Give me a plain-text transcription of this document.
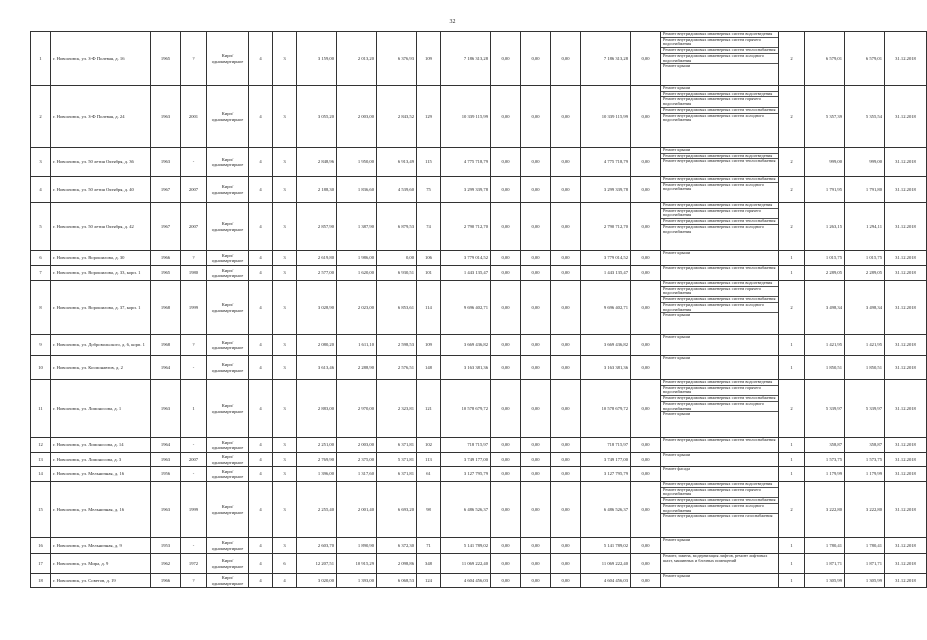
32
1	г. Новоазовск, ул. З-Ф Полевая, д. 16	1965	?	Кирп/ одноквартирное	4	3	3 159,00	2 013,20	6 376,93	109	7 186 313,28	0,00	0,00	0,00	7 186 313,28	0,00	Ремонт внутридомовых инженерных систем водоотведения
Ремонт внутридомовых инженерных систем горячего водоснабжения
Ремонт внутридомовых инженерных систем теплоснабжения
Ремонт внутридомовых инженерных систем холодного водоснабжения
Ремонт крыши	2	6 579,01	6 579,01	31.12.2018
2	г. Новоазовск, ул. З-Ф Полевая, д. 24	1963	2001	Кирп/ одноквартирное	4	3	3 055,20	2 003,00	2 843,52	129	10 339 115,99	0,00	0,00	0,00	10 339 115,99	0,00	Ремонт крыши
Ремонт внутридомовых инженерных систем водоотведения
Ремонт внутридомовых инженерных систем горячего водоснабжения
Ремонт внутридомовых инженерных систем теплоснабжения
Ремонт внутридомовых инженерных систем холодного водоснабжения	2	5 357,39	5 355,54	31.12.2018
3	г. Новоазовск, ул. 50 летия Октября, д. 36	1963	-	Кирп/ одноквартирное	4	3	2 848,96	1 950,00	6 913,49	115	4 775 718,79	0,00	0,00	0,00	4 775 718,79	0,00	Ремонт крыши
Ремонт внутридомовых инженерных систем водоотведения
Ремонт внутридомовых инженерных систем теплоснабжения	2	999,00	999,00	31.12.2018
4	г. Новоазовск, ул. 50 летия Октября, д. 40	1967	2007	Кирп/ одноквартирное	4	3	2 188,30	1 836,60	4 539,60	75	3 299 339,78	0,00	0,00	0,00	3 299 339,78	0,00	Ремонт внутридомовых инженерных систем теплоснабжения
Ремонт внутридомовых инженерных систем холодного водоснабжения	2	1 791,95	1 791,80	31.12.2018
5	г. Новоазовск, ул. 50 летия Октября, д. 42	1967	2007	Кирп/ одноквартирное	4	3	2 857,90	1 387,90	6 879,53	74	2 790 712,70	0,00	0,00	0,00	2 790 712,70	0,00	Ремонт внутридомовых инженерных систем водоотведения
Ремонт внутридомовых инженерных систем горячего водоснабжения
Ремонт внутридомовых инженерных систем теплоснабжения
Ремонт внутридомовых инженерных систем холодного водоснабжения	2	1 263,15	1 294,11	31.12.2018
6	г. Новоазовск, ул. Ворошилова, д. 30	1966	?	Кирп/ одноквартирное	4	3	2 619,80	1 986,00	0,00	106	3 779 014,52	0,00	0,00	0,00	3 779 014,52	0,00	Ремонт крыши	1	1 015,75	1 015,75	31.12.2018
7	г. Новоазовск, ул. Ворошилова, д. 33, корп. 1	1965	1980	Кирп/ одноквартирное	4	3	2 577,00	1 620,00	6 930,51	101	1 443 135,47	0,00	0,00	0,00	1 443 135,47	0,00	Ремонт внутридомовых инженерных систем теплоснабжения	1	2 289,05	2 289,05	31.12.2018
8	г. Новоазовск, ул. Ворошилова, д. 37, корп. 1	1968	1999	Кирп/ одноквартирное	4	3	3 028,90	2 023,00	6 853,61	114	9 696 402,71	0,00	0,00	0,00	9 696 402,71	0,00	Ремонт внутридомовых инженерных систем водоотведения
Ремонт внутридомовых инженерных систем горячего водоснабжения
Ремонт внутридомовых инженерных систем теплоснабжения
Ремонт внутридомовых инженерных систем холодного водоснабжения
Ремонт крыши	2	3 498,34	3 498,34	31.12.2018
9	г. Новоазовск, ул. Добровольского, д. 6, корп. 1	1968	?	Кирп/ одноквартирное	4	3	2 080,20	1 611,10	2 598,53	109	3 669 436,82	0,00	0,00	0,00	3 669 436,82	0,00	Ремонт крыши	1	1 421,95	1 421,95	31.12.2018
10	г. Новоазовск, ул. Космонавтов, д. 2	1964	-	Кирп/ одноквартирное	4	3	3 613,46	2 288,90	2 576,51	148	3 163 381,36	0,00	0,00	0,00	3 163 381,36	0,00	Ремонт крыши	1	1 850,51	1 850,51	31.12.2018
11	г. Новоазовск, ул. Ломоносова, д. 1	1963	1	Кирп/ одноквартирное	4	3	2 883,00	2 970,00	2 323,81	121	10 578 679,72	0,00	0,00	0,00	10 578 679,72	0,00	Ремонт внутридомовых инженерных систем водоотведения
Ремонт внутридомовых инженерных систем горячего водоснабжения
Ремонт внутридомовых инженерных систем теплоснабжения
Ремонт внутридомовых инженерных систем холодного водоснабжения
Ремонт крыши	2	5 339,97	5 339,97	31.12.2018
12	г. Новоазовск, ул. Ломоносова, д. 14	1964	-	Кирп/ одноквартирное	4	3	2 251,00	2 003,00	6 371,81	102	718 715,97	0,00	0,00	0,00	718 715,97	0,00	Ремонт внутридомовых инженерных систем теплоснабжения	1	358,87	358,87	31.12.2018
13	г. Новоазовск, ул. Ломоносова, д. 3	1963	2007	Кирп/ одноквартирное	4	3	2 769,90	2 375,00	5 371,81	113	3 749 177,00	0,00	0,00	0,00	3 749 177,00	0,00	Ремонт крыши	1	1 573,75	1 573,75	31.12.2018
14	г. Новоазовск, ул. Мельничная, д. 16	1956	-	Кирп/ одноквартирное	4	3	1 396,00	1 317,60	6 371,81	61	3 127 795,79	0,00	0,00	0,00	3 127 795,79	0,00	Ремонт фасада	1	1 179,99	1 179,99	31.12.2018
15	г. Новоазовск, ул. Мельничная, д. 16	1963	1999	Кирп/ одноквартирное	4	3	2 255,40	2 001,40	6 693,20	98	6 486 526,37	0,00	0,00	0,00	6 486 526,37	0,00	Ремонт внутридомовых инженерных систем водоотведения
Ремонт внутридомовых инженерных систем горячего водоснабжения
Ремонт внутридомовых инженерных систем теплоснабжения
Ремонт внутридомовых инженерных систем холодного водоснабжения
Ремонт внутридомовых инженерных систем газоснабжения	2	3 222,80	3 222,80	31.12.2018
16	г. Новоазовск, ул. Мельничная, д. 9	1953	-	Кирп/ одноквартирное	4	3	2 603,70	1 890,90	6 372,30	71	5 141 789,02	0,00	0,00	0,00	5 141 789,02	0,00	Ремонт крыши	1	1 780,41	1 780,41	31.12.2018
17	г. Новоазовск, ул. Мира, д. 9	1962	1972	Кирп/ одноквартирное	4	6	12 207,51	10 915,29	2 098,86	348	11 069 222,40	0,00	0,00	0,00	11 069 222,40	0,00	Ремонт, замена, модернизация лифтов, ремонт лифтовых шахт, машинных и блочных помещений	1	1 871,71	1 871,71	31.12.2018
18	г. Новоазовск, ул. Советов, д. 19	1966	?	Кирп/ одноквартирное	4	4	3 020,00	1 393,00	6 068,53	124	4 604 456,03	0,00	0,00	0,00	4 604 456,03	0,00	Ремонт крыши	1	1 305,99	1 305,99	31.12.2018
